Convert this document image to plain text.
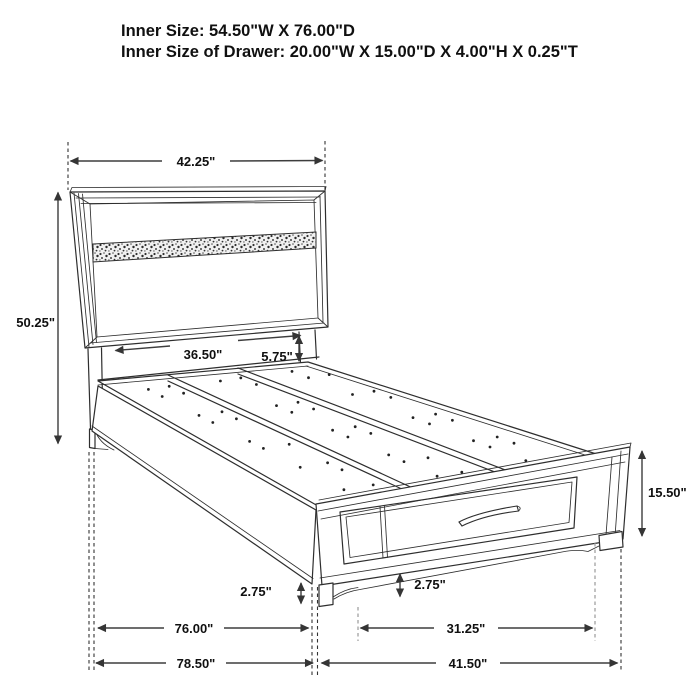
Inner Size: 54.50"W X 76.00"D
Inner Size of Drawer: 20.00"W X 15.00"D X 4.00"H X 0.25"T
42.25"
50.25"
36.50"	5.75"
15.50"
2.75"	2.75"
76.00"	31.25"
78.50"	41.50"
